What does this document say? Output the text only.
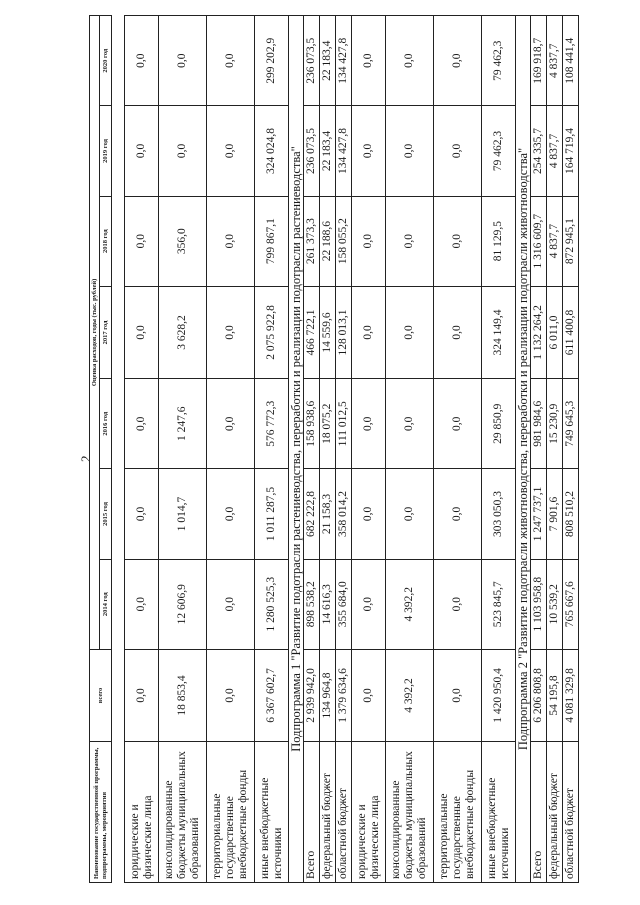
2
Наименование государственной программы, подпрограммы, мероприятия	всего	Оценка расходов, годы (тыс. рублей)						
		2014 год	2015 год	2016 год	2017 год	2018 год	2019 год	2020 год

юридические и физические лица	0,0	0,0	0,0	0,0	0,0	0,0	0,0	0,0
консолидированные бюджеты муниципальных образований	18 853,4	12 606,9	1 014,7	1 247,6	3 628,2	356,0	0,0	0,0
территориальные государственные внебюджетные фонды	0,0	0,0	0,0	0,0	0,0	0,0	0,0	0,0
иные внебюджетные источники	6 367 602,7	1 280 525,3	1 011 287,5	576 772,3	2 075 922,8	799 867,1	324 024,8	299 202,9
Подпрограмма 1 "Развитие подотрасли растениеводства, переработки и реализации подотрасли растениеводства"								
Всего	2 939 942,0	898 538,2	682 222,8	158 938,6	466 722,1	261 373,3	236 073,5	236 073,5
федеральный бюджет	134 964,8	14 616,3	21 158,3	18 075,2	14 559,6	22 188,6	22 183,4	22 183,4
областной бюджет	1 379 634,6	355 684,0	358 014,2	111 012,5	128 013,1	158 055,2	134 427,8	134 427,8
юридические и физические лица	0,0	0,0	0,0	0,0	0,0	0,0	0,0	0,0
консолидированные бюджеты муниципальных образований	4 392,2	4 392,2	0,0	0,0	0,0	0,0	0,0	0,0
территориальные государственные внебюджетные фонды	0,0	0,0	0,0	0,0	0,0	0,0	0,0	0,0
иные внебюджетные источники	1 420 950,4	523 845,7	303 050,3	29 850,9	324 149,4	81 129,5	79 462,3	79 462,3
Подпрограмма 2 "Развитие подотрасли животноводства, переработки и реализации подотрасли животноводства"								
Всего	6 206 808,8	1 103 958,8	1 247 737,1	981 984,6	1 132 264,2	1 316 609,7	254 335,7	169 918,7
федеральный бюджет	54 195,8	10 539,2	7 901,6	15 230,9	6 011,0	4 837,7	4 837,7	4 837,7
областной бюджет	4 081 329,8	765 667,6	808 510,2	749 645,3	611 400,8	872 945,1	164 719,4	108 441,4
